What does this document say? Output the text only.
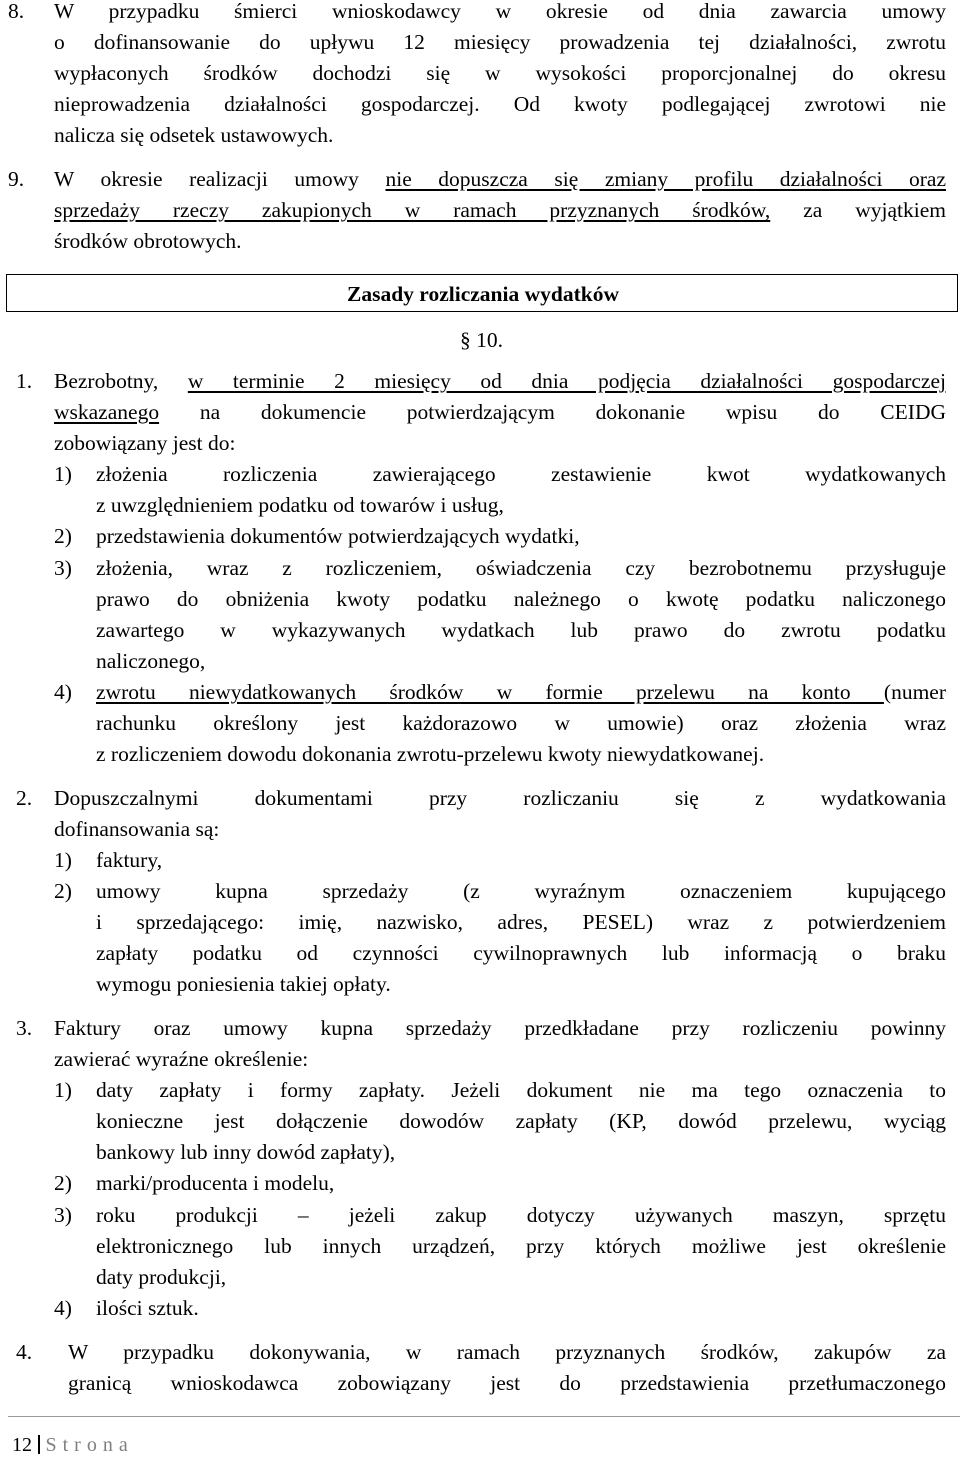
8. W przypadku śmierci wnioskodawcy w okresie od dnia zawarcia umowy
o dofinansowanie do upływu 12 miesięcy prowadzenia tej działalności, zwrotu
wypłaconych środków dochodzi się w wysokości proporcjonalnej do okresu
nieprowadzenia działalności gospodarczej. Od kwoty podlegającej zwrotowi nie
nalicza się odsetek ustawowych.
9. W okresie realizacji umowy nie dopuszcza się zmiany profilu działalności oraz
sprzedaży rzeczy zakupionych w ramach przyznanych środków, za wyjątkiem
środków obrotowych.
Zasady rozliczania wydatków
§ 10.
1. Bezrobotny, w terminie 2 miesięcy od dnia podjęcia działalności gospodarczej
wskazanego na dokumencie potwierdzającym dokonanie wpisu do CEIDG
zobowiązany jest do:
1) złożenia rozliczenia zawierającego zestawienie kwot wydatkowanych
z uwzględnieniem podatku od towarów i usług,
2) przedstawienia dokumentów potwierdzających wydatki,
3) złożenia, wraz z rozliczeniem, oświadczenia czy bezrobotnemu przysługuje
prawo do obniżenia kwoty podatku należnego o kwotę podatku naliczonego
zawartego w wykazywanych wydatkach lub prawo do zwrotu podatku
naliczonego,
4) zwrotu niewydatkowanych środków w formie przelewu na konto (numer
rachunku określony jest każdorazowo w umowie) oraz złożenia wraz
z rozliczeniem dowodu dokonania zwrotu-przelewu kwoty niewydatkowanej.
2. Dopuszczalnymi dokumentami przy rozliczaniu się z wydatkowania
dofinansowania są:
1) faktury,
2) umowy kupna sprzedaży (z wyraźnym oznaczeniem kupującego
i sprzedającego: imię, nazwisko, adres, PESEL) wraz z potwierdzeniem
zapłaty podatku od czynności cywilnoprawnych lub informacją o braku
wymogu poniesienia takiej opłaty.
3. Faktury oraz umowy kupna sprzedaży przedkładane przy rozliczeniu powinny
zawierać wyraźne określenie:
1) daty zapłaty i formy zapłaty. Jeżeli dokument nie ma tego oznaczenia to
konieczne jest dołączenie dowodów zapłaty (KP, dowód przelewu, wyciąg
bankowy lub inny dowód zapłaty),
2) marki/producenta i modelu,
3) roku produkcji – jeżeli zakup dotyczy używanych maszyn, sprzętu
elektronicznego lub innych urządzeń, przy których możliwe jest określenie
daty produkcji,
4) ilości sztuk.
4. W przypadku dokonywania, w ramach przyznanych środków, zakupów za
granicą wnioskodawca zobowiązany jest do przedstawienia przetłumaczonego
12 Strona
